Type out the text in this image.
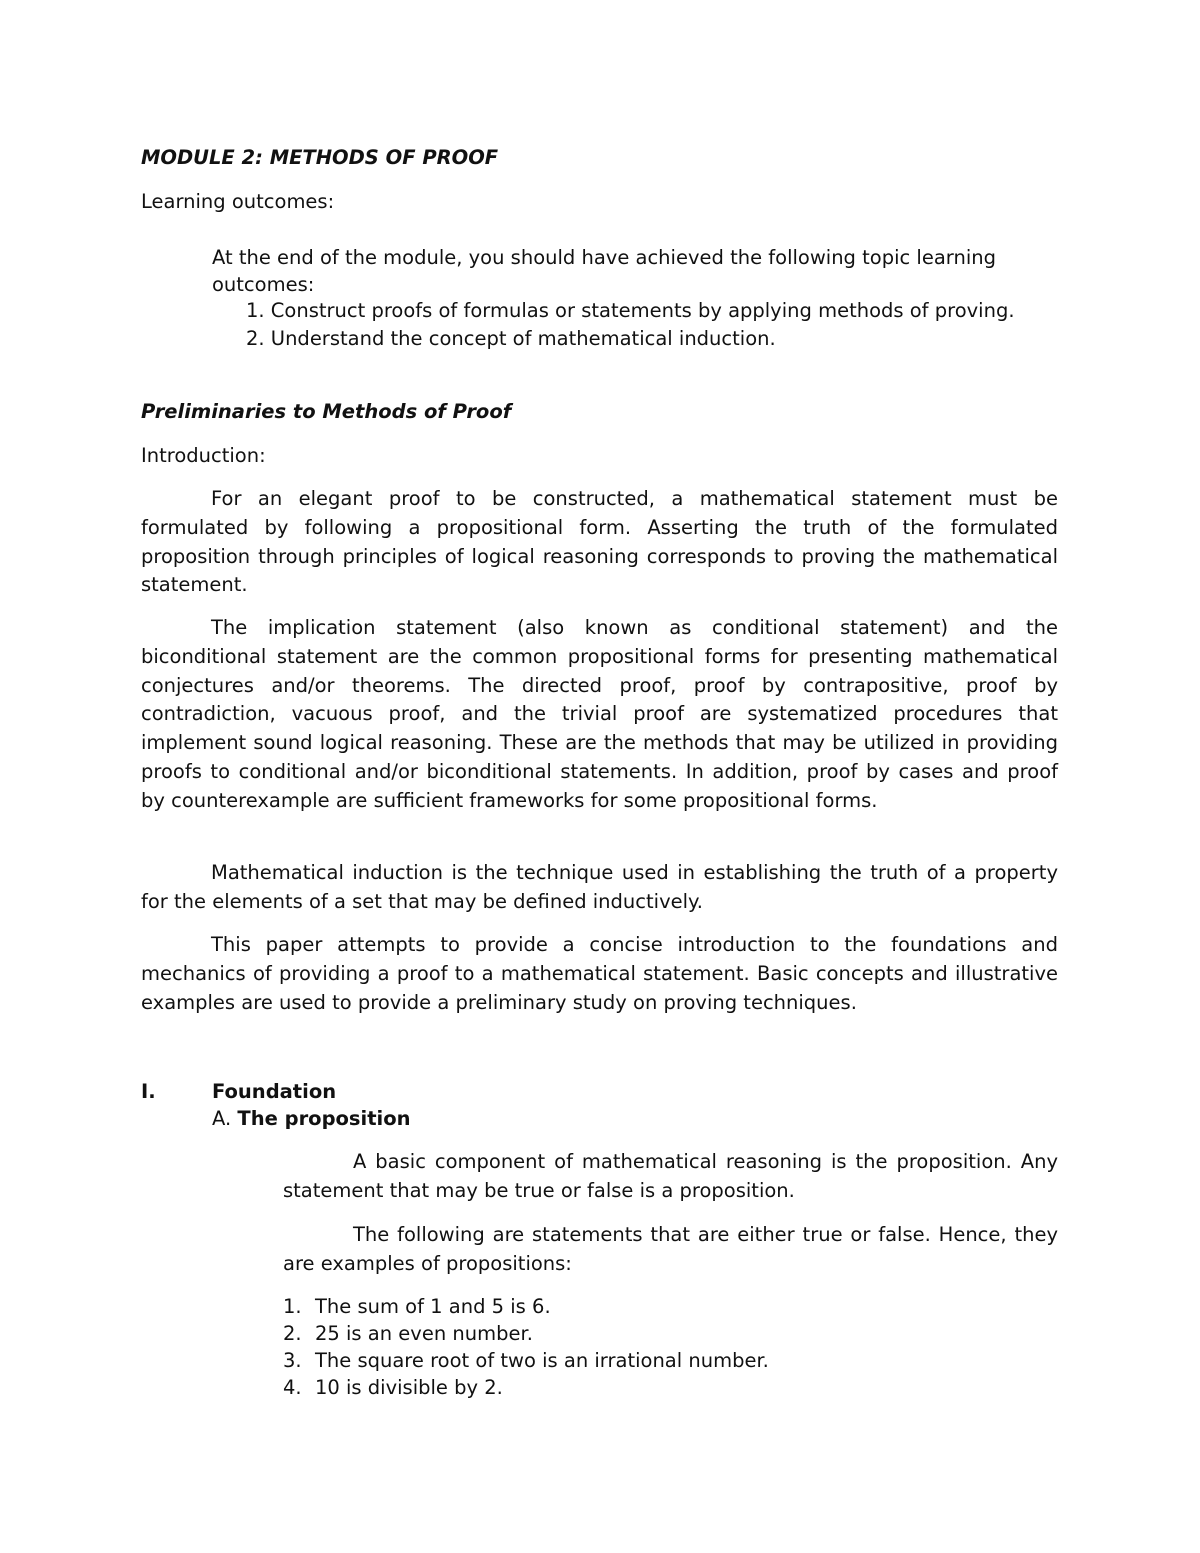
MODULE 2: METHODS OF PROOF

Learning outcomes:

At the end of the module, you should have achieved the following topic learning

outcomes:

1. Construct proofs of formulas or statements by applying methods of proving.

2. Understand the concept of mathematical induction.

Preliminaries to Methods of Proof

Introduction:

For an elegant proof to be constructed, a mathematical statement must be formulated by following a propositional form. Asserting the truth of the formulated proposition through principles of logical reasoning corresponds to proving the mathematical statement.

The implication statement (also known as conditional statement) and the biconditional statement are the common propositional forms for presenting mathematical conjectures and/or theorems. The directed proof, proof by contrapositive, proof by contradiction, vacuous proof, and the trivial proof are systematized procedures that implement sound logical reasoning. These are the methods that may be utilized in providing proofs to conditional and/or biconditional statements. In addition, proof by cases and proof by counterexample are sufficient frameworks for some propositional forms.

Mathematical induction is the technique used in establishing the truth of a property for the elements of a set that may be defined inductively.

This paper attempts to provide a concise introduction to the foundations and mechanics of providing a proof to a mathematical statement. Basic concepts and illustrative examples are used to provide a preliminary study on proving techniques.

I.	Foundation

A. The proposition

A basic component of mathematical reasoning is the proposition. Any statement that may be true or false is a proposition.

The following are statements that are either true or false. Hence, they are examples of propositions:

1. The sum of 1 and 5 is 6.

2. 25 is an even number.

3. The square root of two is an irrational number.

4. 10 is divisible by 2.
